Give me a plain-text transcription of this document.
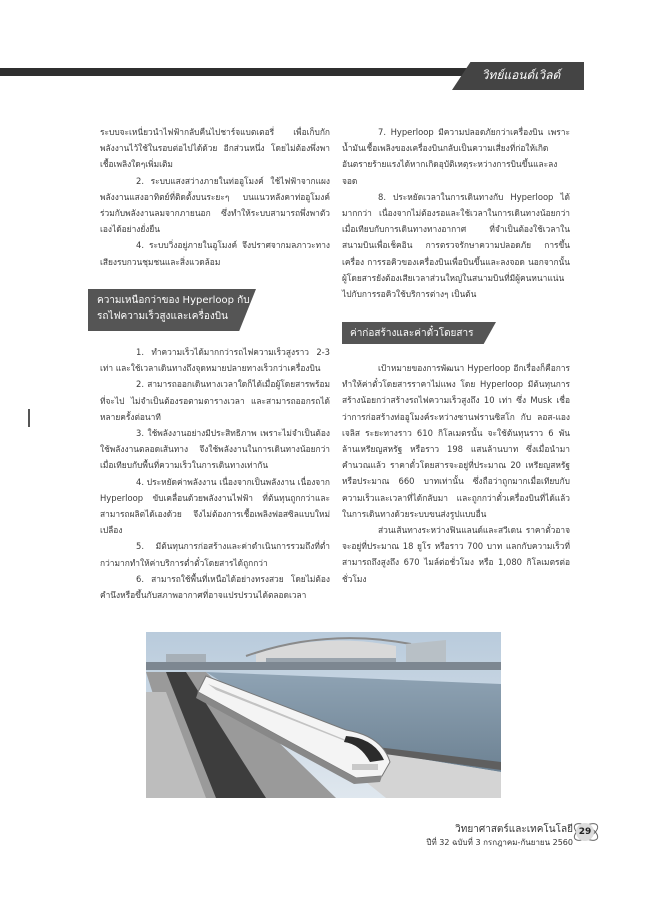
วิทย์แอนด์เวิลด์

ระบบจะเหนี่ยวนำไฟฟ้ากลับคืนไปชาร์จแบตเตอรี่ เพื่อเก็บกักพลังงานไว้ใช้ในรอบต่อไปได้ด้วย อีกส่วนหนึ่ง โดยไม่ต้องพึ่งพาเชื้อเพลิงใดๆเพิ่มเติม

2. ระบบแสงสว่างภายในท่ออูโมงค์ ใช้ไฟฟ้าจากแผงพลังงานแสงอาทิตย์ที่ติดตั้งบนระยะๆ บนแนวหลังคาท่ออูโมงค์ ร่วมกับพลังงานลมจากภายนอก ซึ่งทำให้ระบบสามารถพึ่งพาตัวเองได้อย่างยั่งยืน

4. ระบบวิ่งอยู่ภายในอูโมงค์ จึงปราศจากมลภาวะทางเสียงรบกวนชุมชนและสิ่งแวดล้อม

ความเหนือกว่าของ Hyperloop กับรถไฟความเร็วสูงและเครื่องบิน

1. ทำความเร็วได้มากกว่ารถไฟความเร็วสูงราว 2-3 เท่า และใช้เวลาเดินทางถึงจุดหมายปลายทางเร็วกว่าเครื่องบิน

2. สามารถออกเดินทางเวลาใดก็ได้เมื่อผู้โดยสารพร้อมที่จะไป ไม่จำเป็นต้องรอตามตารางเวลา และสามารถออกรถได้หลายครั้งต่อนาที

3. ใช้พลังงานอย่างมีประสิทธิภาพ เพราะไม่จำเป็นต้องใช้พลังงานตลอดเส้นทาง จึงใช้พลังงานในการเดินทางน้อยกว่าเมื่อเทียบกับพื้นที่ความเร็วในการเดินทางเท่ากัน

4. ประหยัดค่าพลังงาน เนื่องจากเป็นพลังงาน เนื่องจาก Hyperloop ขับเคลื่อนด้วยพลังงานไฟฟ้า ที่ต้นทุนถูกกว่าและสามารถผลิตได้เองด้วย จึงไม่ต้องการเชื้อเพลิงฟอสซิลแบบใหม่เปลือง

5. มีต้นทุนการก่อสร้างและค่าดำเนินการรวมถึงที่ต่ำกว่ามากทำให้ค่าบริการต่ำตั๋วโดยสารได้ถูกกว่า

6. สามารถใช้พื้นที่เหนือได้อย่างทรงสวย โดยไม่ต้องคำนึงหรือขึ้นกับสภาพอากาศที่อาจแปรปรวนได้ตลอดเวลา

7. Hyperloop มีความปลอดภัยกว่าเครื่องบิน เพราะน้ำมันเชื้อเพลิงของเครื่องบินกลับเป็นความเสี่ยงที่ก่อให้เกิดอันตรายร้ายแรงได้หากเกิดอุบัติเหตุระหว่างการบินขึ้นและลงจอด

8. ประหยัดเวลาในการเดินทางกับ Hyperloop ได้มากกว่า เนื่องจากไม่ต้องรอและใช้เวลาในการเดินทางน้อยกว่าเมื่อเทียบกับการเดินทางทางอากาศ ที่จำเป็นต้องใช้เวลาในสนามบินเพื่อเช็คอิน การตรวจรักษาความปลอดภัย การขึ้นเครื่อง การรอคิวของเครื่องบินเพื่อบินขึ้นและลงจอด นอกจากนั้นผู้โดยสารยังต้องเสียเวลาส่วนใหญ่ในสนามบินที่มีผู้คนหนาแน่น ไปกับการรอคิวใช้บริการต่างๆ เป็นต้น

ค่าก่อสร้างและค่าตั๋วโดยสาร

เป้าหมายของการพัฒนา Hyperloop อีกเรื่องก็คือการทำให้ค่าตั๋วโดยสารราคาไม่แพง โดย Hyperloop มีต้นทุนการสร้างน้อยกว่าสร้างรถไฟความเร็วสูงถึง 10 เท่า ซึ่ง Musk เชื่อว่าการก่อสร้างท่ออูโมงค์ระหว่างซานฟรานซิสโก กับ ลอส-แองเจลิส ระยะทางราว 610 กิโลเมตรนั้น จะใช้ต้นทุนราว 6 พันล้านเหรียญสหรัฐ หรือราว 198 แสนล้านบาท ซึ่งเมื่อนำมาคำนวณแล้ว ราคาตั๋วโดยสารจะอยู่ที่ประมาณ 20 เหรียญสหรัฐหรือประมาณ 660 บาทเท่านั้น ซึ่งถือว่าถูกมากเมื่อเทียบกับความเร็วและเวลาที่ได้กลับมา และถูกกว่าตั๋วเครื่องบินที่ได้แล้วในการเดินทางด้วยระบบขนส่งรูปแบบอื่น

ส่วนเส้นทางระหว่างฟินแลนด์และสวีเดน ราคาตั๋วอาจจะอยู่ที่ประมาณ 18 ยูโร หรือราว 700 บาท แลกกับความเร็วที่สามารถถึงสูงถึง 670 ไมล์ต่อชั่วโมง หรือ 1,080 กิโลเมตรต่อชั่วโมง

วิทยาศาสตร์และเทคโนโลยี
ปีที่ 32 ฉบับที่ 3 กรกฎาคม-กันยายน 2560
29
